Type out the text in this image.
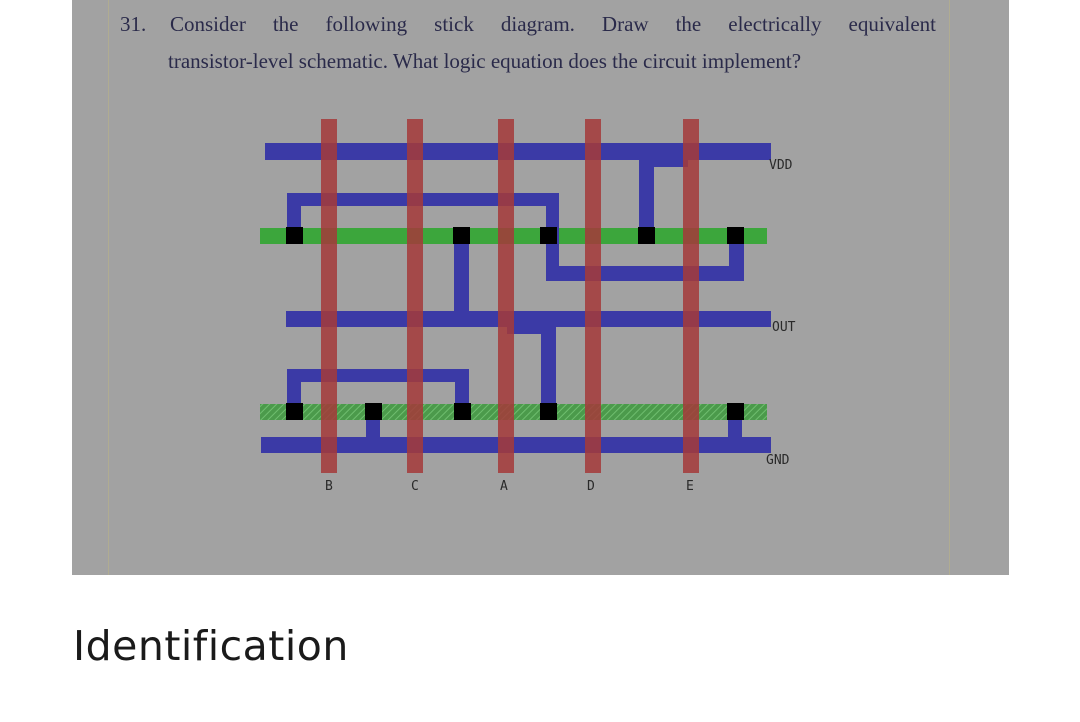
31. Consider the following stick diagram. Draw the electrically equivalent
transistor-level schematic. What logic equation does the circuit implement?
VDD
OUT
GND
B	C	A	D	E
Identification
